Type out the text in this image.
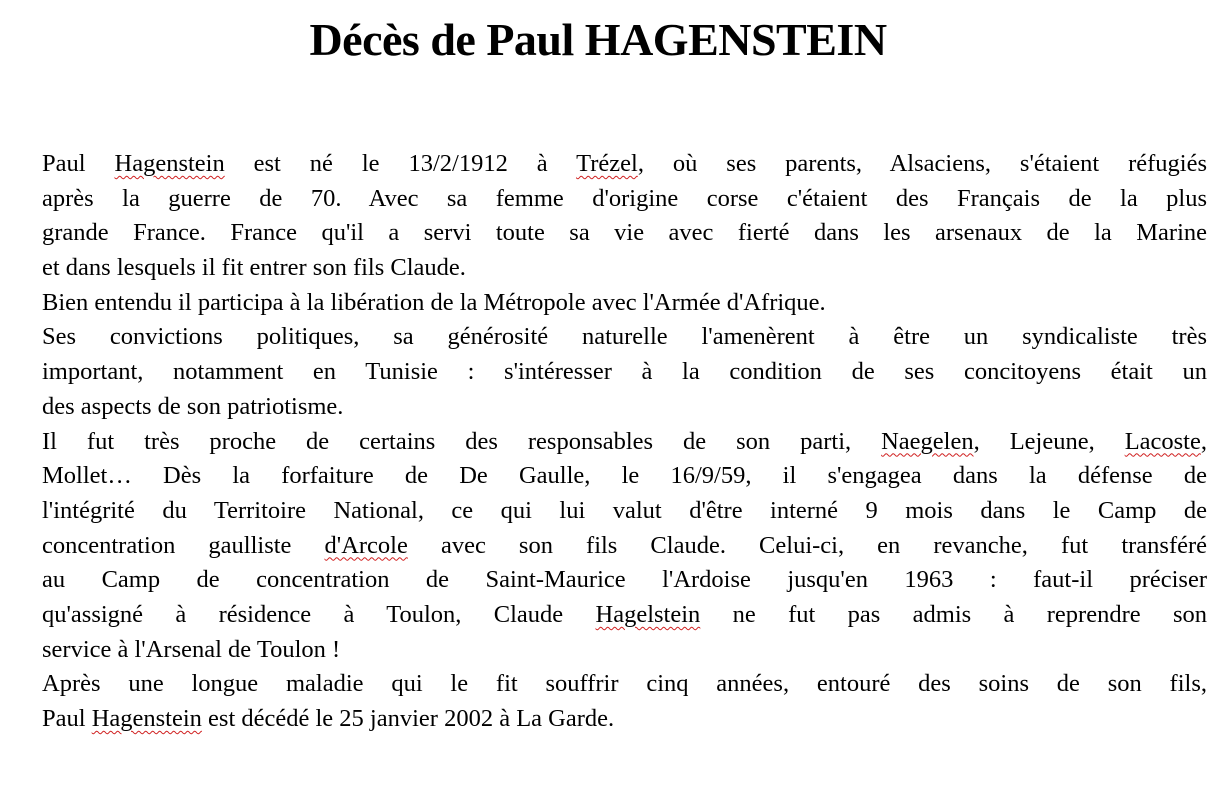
Décès de Paul HAGENSTEIN
Paul Hagenstein est né le 13/2/1912 à Trézel, où ses parents, Alsaciens, s'étaient réfugiés
après la guerre de 70. Avec sa femme d'origine corse c'étaient des Français de la plus
grande France. France qu'il a servi toute sa vie avec fierté dans les arsenaux de la Marine
et dans lesquels il fit entrer son fils Claude.
Bien entendu il participa à la libération de la Métropole avec l'Armée d'Afrique.
Ses convictions politiques, sa générosité naturelle l'amenèrent à être un syndicaliste très
important, notamment en Tunisie : s'intéresser à la condition de ses concitoyens était un
des aspects de son patriotisme.
Il fut très proche de certains des responsables de son parti, Naegelen, Lejeune, Lacoste,
Mollet… Dès la forfaiture de De Gaulle, le 16/9/59, il s'engagea dans la défense de
l'intégrité du Territoire National, ce qui lui valut d'être interné 9 mois dans le Camp de
concentration gaulliste d'Arcole avec son fils Claude. Celui-ci, en revanche, fut transféré
au Camp de concentration de Saint-Maurice l'Ardoise jusqu'en 1963 : faut-il préciser
qu'assigné à résidence à Toulon, Claude Hagelstein ne fut pas admis à reprendre son
service à l'Arsenal de Toulon !
Après une longue maladie qui le fit souffrir cinq années, entouré des soins de son fils,
Paul Hagenstein est décédé le 25 janvier 2002 à La Garde.
